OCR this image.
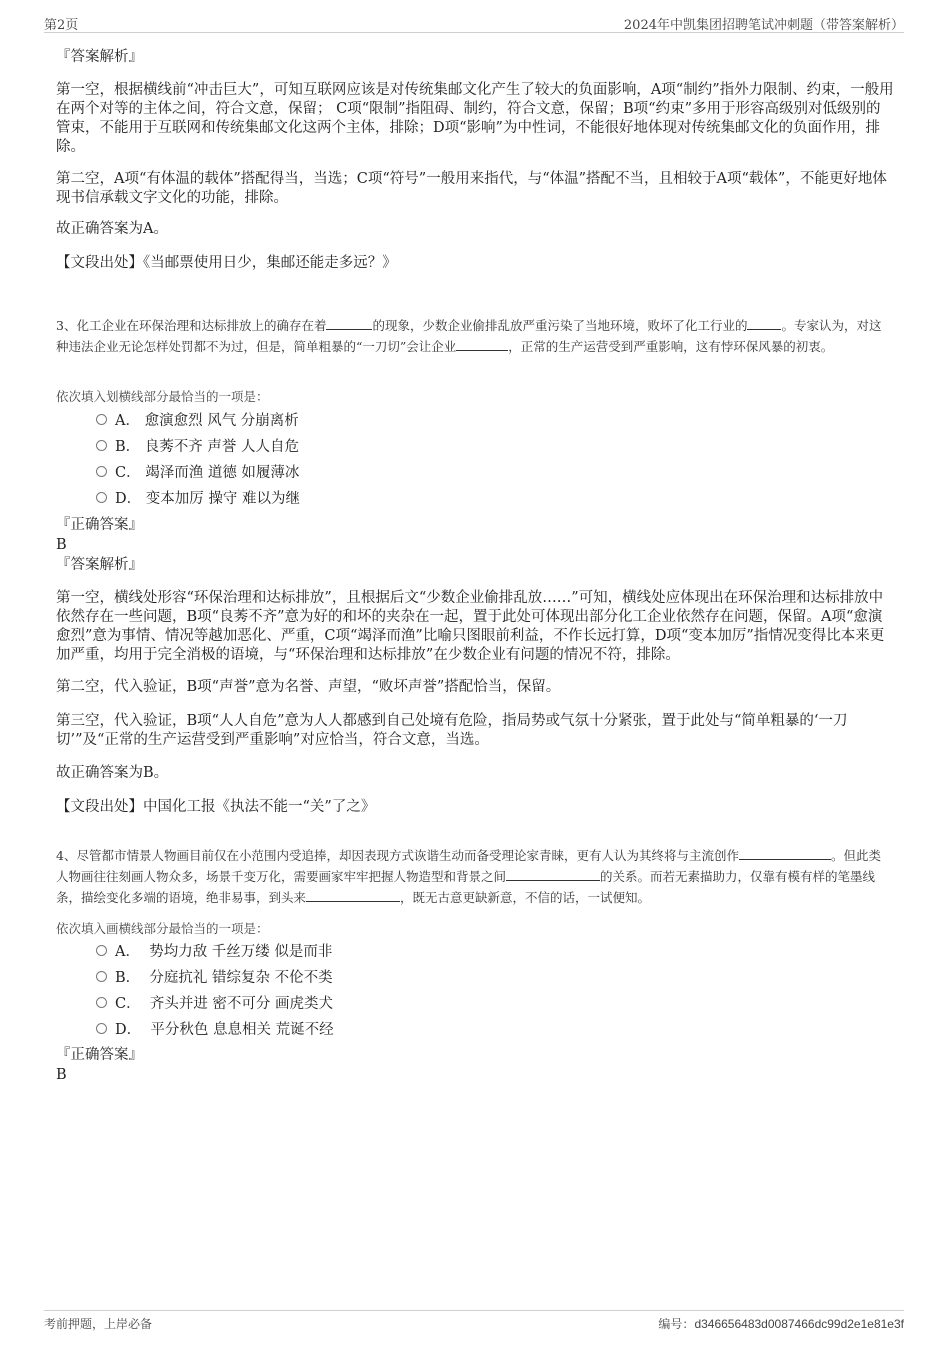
第2页	2024年中凯集团招聘笔试冲刺题（带答案解析）
『答案解析』

第一空，根据横线前“冲击巨大”，可知互联网应该是对传统集邮文化产生了较大的负面影响，A项“制约”指外力限制、约束，一般用在两个对等的主体之间，符合文意，保留； C项“限制”指阻碍、制约，符合文意，保留；B项“约束”多用于形容高级别对低级别的管束，不能用于互联网和传统集邮文化这两个主体，排除；D项“影响”为中性词，不能很好地体现对传统集邮文化的负面作用，排除。

第二空，A项“有体温的载体”搭配得当，当选；C项“符号”一般用来指代，与“体温”搭配不当，且相较于A项“载体”，不能更好地体现书信承载文字文化的功能，排除。

故正确答案为A。

【文段出处】《当邮票使用日少，集邮还能走多远？》

3、化工企业在环保治理和达标排放上的确存在着	的现象，少数企业偷排乱放严重污染了当地环境，败坏了化工行业的	。专家认为，对这种违法企业无论怎样处罚都不为过，但是，简单粗暴的“一刀切”会让企业	，正常的生产运营受到严重影响，这有悖环保风暴的初衷。

依次填入划横线部分最恰当的一项是：

A． 愈演愈烈 风气 分崩离析
B． 良莠不齐 声誉 人人自危
C． 竭泽而渔 道德 如履薄冰
D． 变本加厉 操守 难以为继
『正确答案』
B
『答案解析』

第一空，横线处形容“环保治理和达标排放”，且根据后文“少数企业偷排乱放……”可知，横线处应体现出在环保治理和达标排放中依然存在一些问题，B项“良莠不齐”意为好的和坏的夹杂在一起，置于此处可体现出部分化工企业依然存在问题，保留。A项“愈演愈烈”意为事情、情况等越加恶化、严重，C项“竭泽而渔”比喻只图眼前利益，不作长远打算，D项“变本加厉”指情况变得比本来更加严重，均用于完全消极的语境，与“环保治理和达标排放”在少数企业有问题的情况不符，排除。

第二空，代入验证，B项“声誉”意为名誉、声望，“败坏声誉”搭配恰当，保留。

第三空，代入验证，B项“人人自危”意为人人都感到自己处境有危险，指局势或气氛十分紧张，置于此处与“简单粗暴的‘一刀切’”及“正常的生产运营受到严重影响”对应恰当，符合文意，当选。

故正确答案为B。

【文段出处】中国化工报《执法不能一“关”了之》

4、尽管都市情景人物画目前仅在小范围内受追捧，却因表现方式诙谐生动而备受理论家青睐，更有人认为其终将与主流创作	。但此类人物画往往刻画人物众多，场景千变万化，需要画家牢牢把握人物造型和背景之间	的关系。而若无素描助力，仅靠有模有样的笔墨线条，描绘变化多端的语境，绝非易事，到头来	，既无古意更缺新意，不信的话，一试便知。

依次填入画横线部分最恰当的一项是：

A． 势均力敌 千丝万缕 似是而非
B． 分庭抗礼 错综复杂 不伦不类
C． 齐头并进 密不可分 画虎类犬
D． 平分秋色 息息相关 荒诞不经
『正确答案』
B
考前押题，上岸必备	编号：d346656483d0087466dc99d2e1e81e3f
